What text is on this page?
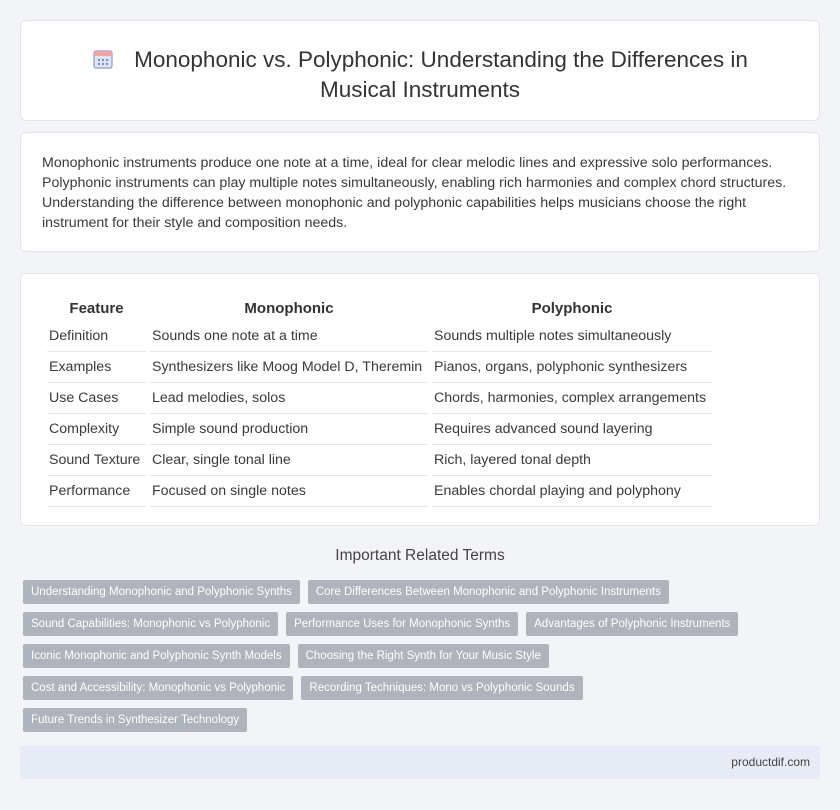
Monophonic vs. Polyphonic: Understanding the Differences in Musical Instruments

Monophonic instruments produce one note at a time, ideal for clear melodic lines and expressive solo performances. Polyphonic instruments can play multiple notes simultaneously, enabling rich harmonies and complex chord structures. Understanding the difference between monophonic and polyphonic capabilities helps musicians choose the right instrument for their style and composition needs.

Feature	Monophonic	Polyphonic
Definition	Sounds one note at a time	Sounds multiple notes simultaneously
Examples	Synthesizers like Moog Model D, Theremin	Pianos, organs, polyphonic synthesizers
Use Cases	Lead melodies, solos	Chords, harmonies, complex arrangements
Complexity	Simple sound production	Requires advanced sound layering
Sound Texture	Clear, single tonal line	Rich, layered tonal depth
Performance	Focused on single notes	Enables chordal playing and polyphony
Important Related Terms
Understanding Monophonic and Polyphonic Synths	Core Differences Between Monophonic and Polyphonic Instruments
Sound Capabilities: Monophonic vs Polyphonic	Performance Uses for Monophonic Synths	Advantages of Polyphonic Instruments
Iconic Monophonic and Polyphonic Synth Models	Choosing the Right Synth for Your Music Style
Cost and Accessibility: Monophonic vs Polyphonic	Recording Techniques: Mono vs Polyphonic Sounds
Future Trends in Synthesizer Technology
productdif.com
